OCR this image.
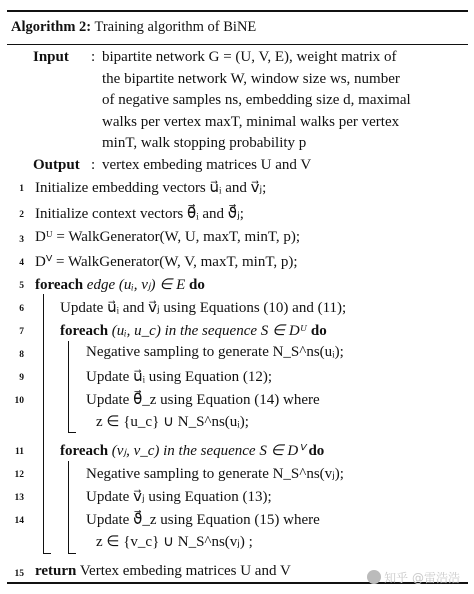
Algorithm 2: Training algorithm of BiNE
Input : bipartite network G = (U, V, E), weight matrix of
the bipartite network W, window size ws, number
of negative samples ns, embedding size d, maximal
walks per vertex maxT, minimal walks per vertex
minT, walk stopping probability p
Output : vertex embeding matrices U and V
1 Initialize embedding vectors u⃗ᵢ and v⃗ⱼ;
2 Initialize context vectors θ⃗ᵢ and ϑ⃗ⱼ;
3 Dᵁ = WalkGenerator(W, U, maxT, minT, p);
4 Dⱽ = WalkGenerator(W, V, maxT, minT, p);
5 foreach edge (uᵢ, vⱼ) ∈ E do
6 Update u⃗ᵢ and v⃗ⱼ using Equations (10) and (11);
7 foreach (uᵢ, u_c) in the sequence S ∈ Dᵁ do
8	Negative sampling to generate N_S^ns(uᵢ);
9	Update u⃗ᵢ using Equation (12);
10	Update θ⃗_z using Equation (14) where
z ∈ {u_c} ∪ N_S^ns(uᵢ);
11 foreach (vⱼ, v_c) in the sequence S ∈ Dⱽ do
12	Negative sampling to generate N_S^ns(vⱼ);
13	Update v⃗ⱼ using Equation (13);
14	Update ϑ⃗_z using Equation (15) where
z ∈ {v_c} ∪ N_S^ns(vⱼ) ;
15 return Vertex embeding matrices U and V	知乎 @雷浩浩
